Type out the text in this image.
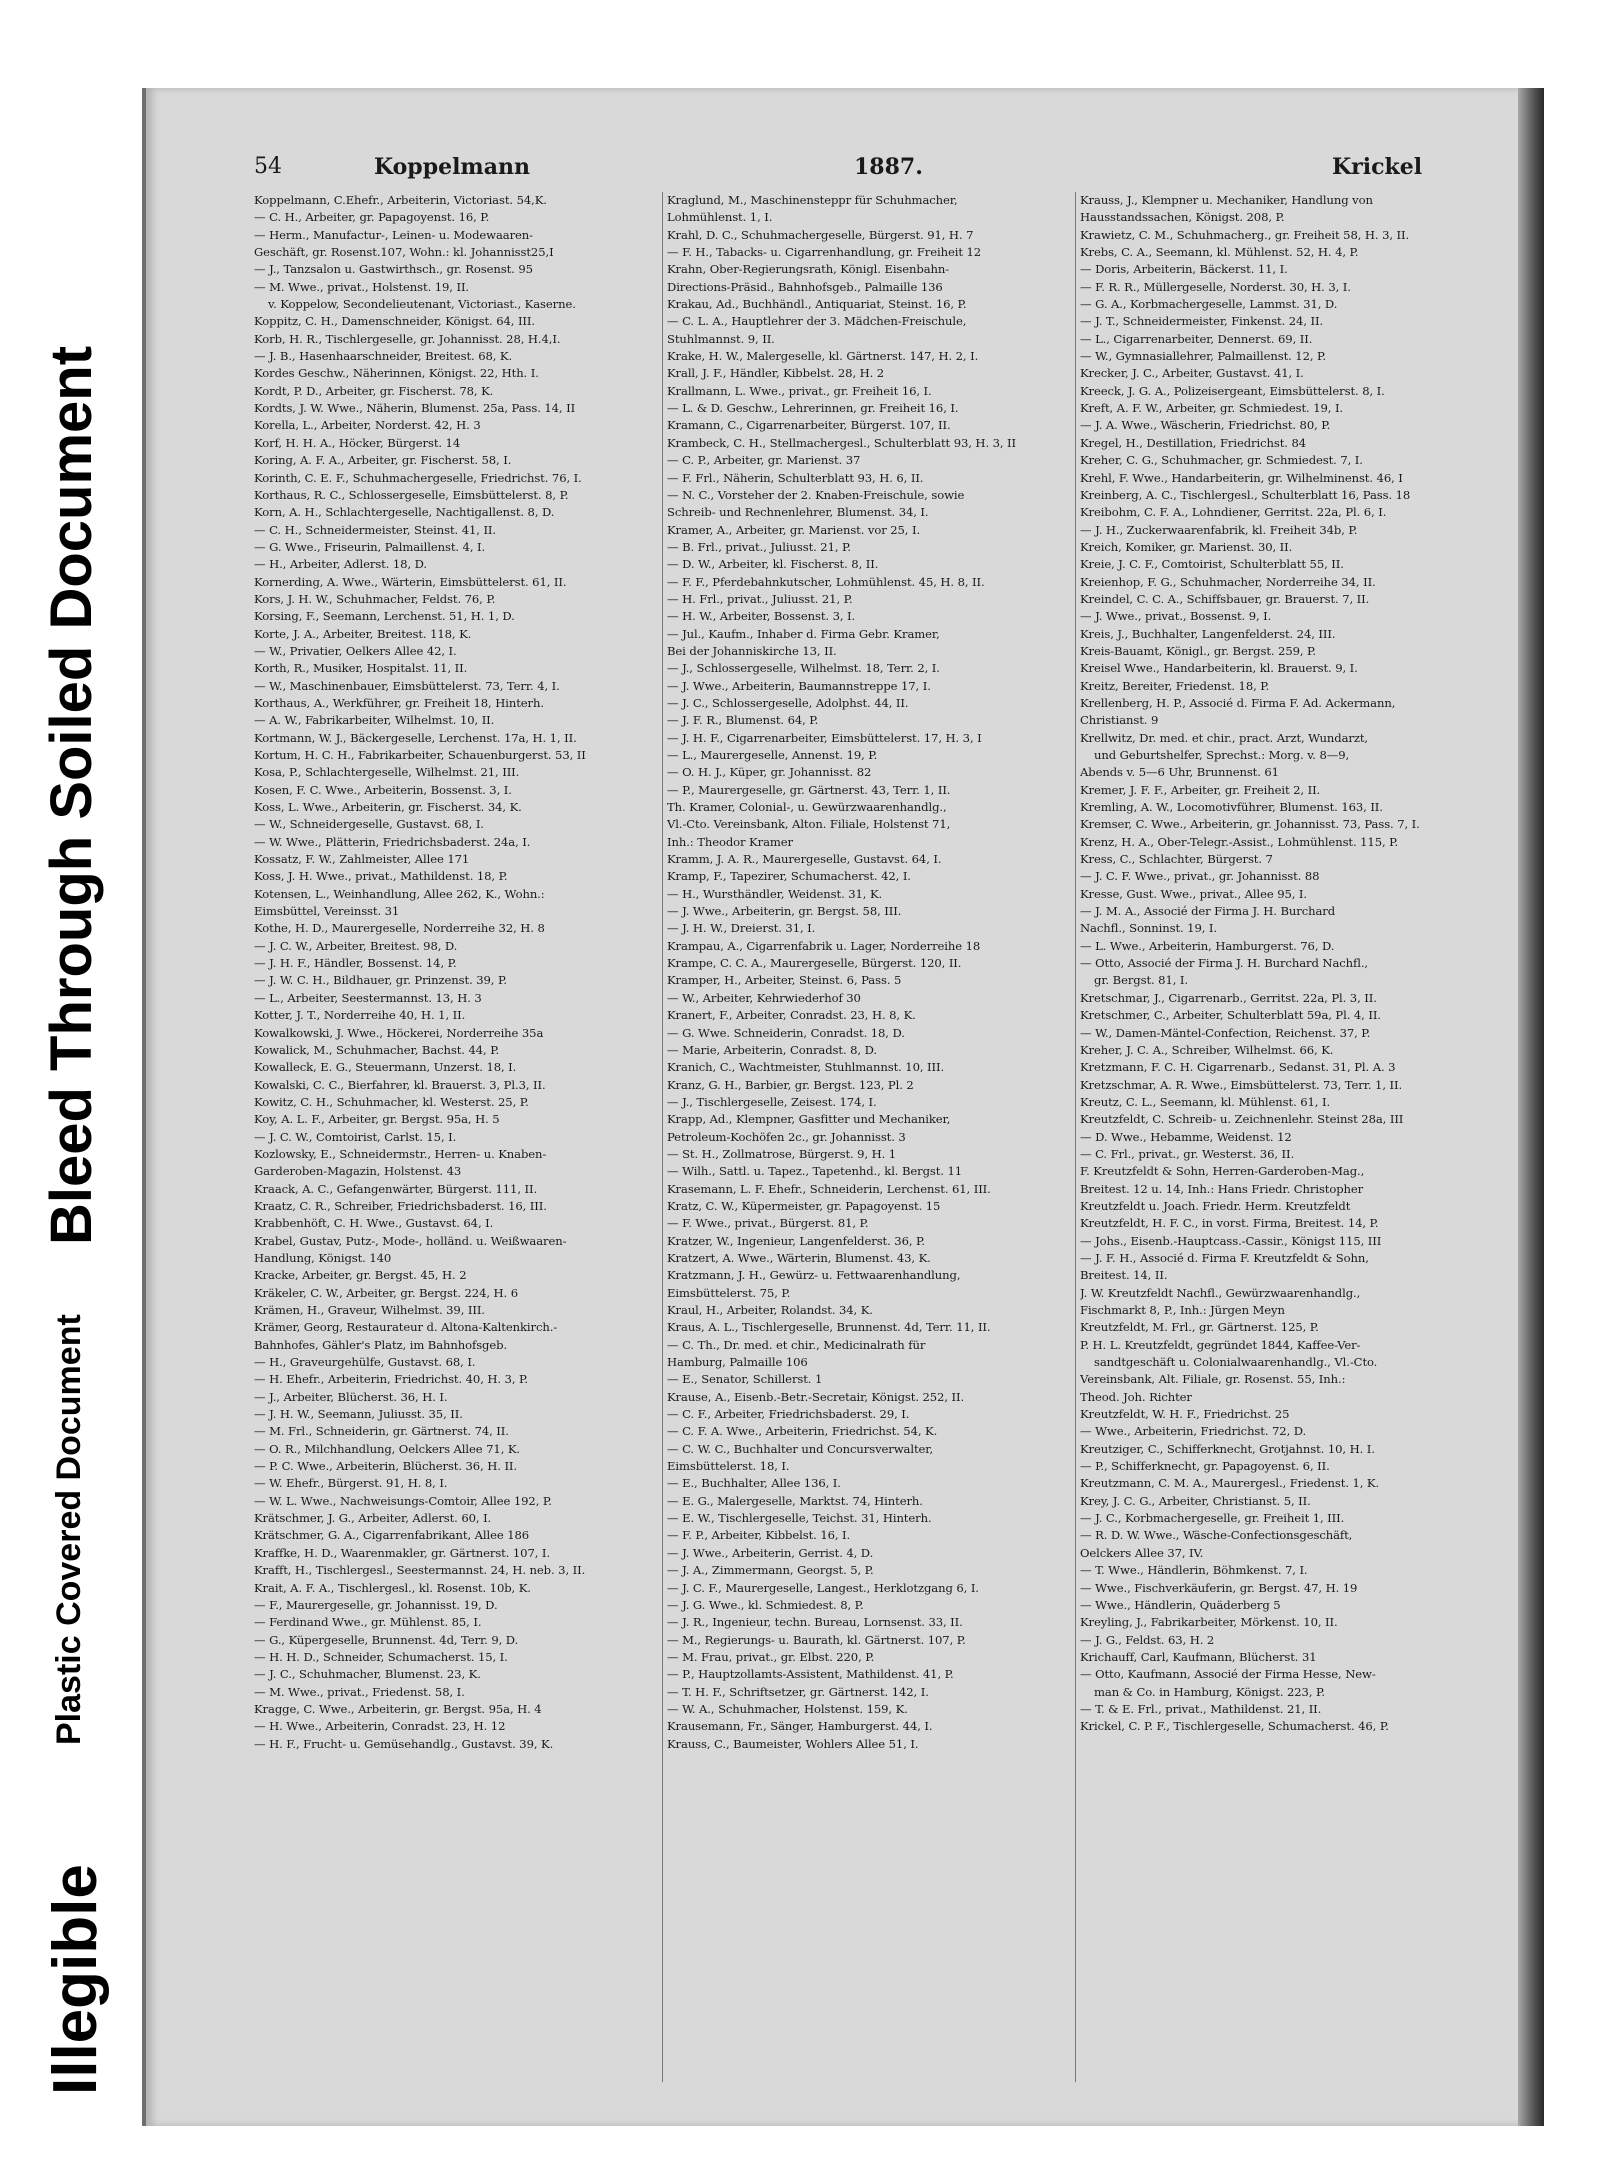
Illegible
Plastic Covered Document
Bleed Through Soiled Document
54	Koppelmann	1887.	Krickel
Koppelmann, C.Ehefr., Arbeiterin, Victoriast. 54,K.
— C. H., Arbeiter, gr. Papagoyenst. 16, P.
— Herm., Manufactur-, Leinen- u. Modewaaren-
Geschäft, gr. Rosenst.107, Wohn.: kl. Johannisst25,I
— J., Tanzsalon u. Gastwirthsch., gr. Rosenst. 95
— M. Wwe., privat., Holstenst. 19, II.
v. Koppelow, Secondelieutenant, Victoriast., Kaserne.
Koppitz, C. H., Damenschneider, Königst. 64, III.
Korb, H. R., Tischlergeselle, gr. Johannisst. 28, H.4,I.
— J. B., Hasenhaarschneider, Breitest. 68, K.
Kordes Geschw., Näherinnen, Königst. 22, Hth. I.
Kordt, P. D., Arbeiter, gr. Fischerst. 78, K.
Kordts, J. W. Wwe., Näherin, Blumenst. 25a, Pass. 14, II
Korella, L., Arbeiter, Norderst. 42, H. 3
Korf, H. H. A., Höcker, Bürgerst. 14
Koring, A. F. A., Arbeiter, gr. Fischerst. 58, I.
Korinth, C. E. F., Schuhmachergeselle, Friedrichst. 76, I.
Korthaus, R. C., Schlossergeselle, Eimsbüttelerst. 8, P.
Korn, A. H., Schlachtergeselle, Nachtigallenst. 8, D.
— C. H., Schneidermeister, Steinst. 41, II.
— G. Wwe., Friseurin, Palmaillenst. 4, I.
— H., Arbeiter, Adlerst. 18, D.
Kornerding, A. Wwe., Wärterin, Eimsbüttelerst. 61, II.
Kors, J. H. W., Schuhmacher, Feldst. 76, P.
Korsing, F., Seemann, Lerchenst. 51, H. 1, D.
Korte, J. A., Arbeiter, Breitest. 118, K.
— W., Privatier, Oelkers Allee 42, I.
Korth, R., Musiker, Hospitalst. 11, II.
— W., Maschinenbauer, Eimsbüttelerst. 73, Terr. 4, I.
Korthaus, A., Werkführer, gr. Freiheit 18, Hinterh.
— A. W., Fabrikarbeiter, Wilhelmst. 10, II.
Kortmann, W. J., Bäckergeselle, Lerchenst. 17a, H. 1, II.
Kortum, H. C. H., Fabrikarbeiter, Schauenburgerst. 53, II
Kosa, P., Schlachtergeselle, Wilhelmst. 21, III.
Kosen, F. C. Wwe., Arbeiterin, Bossenst. 3, I.
Koss, L. Wwe., Arbeiterin, gr. Fischerst. 34, K.
— W., Schneidergeselle, Gustavst. 68, I.
— W. Wwe., Plätterin, Friedrichsbaderst. 24a, I.
Kossatz, F. W., Zahlmeister, Allee 171
Koss, J. H. Wwe., privat., Mathildenst. 18, P.
Kotensen, L., Weinhandlung, Allee 262, K., Wohn.:
Eimsbüttel, Vereinsst. 31
Kothe, H. D., Maurergeselle, Norderreihe 32, H. 8
— J. C. W., Arbeiter, Breitest. 98, D.
— J. H. F., Händler, Bossenst. 14, P.
— J. W. C. H., Bildhauer, gr. Prinzenst. 39, P.
— L., Arbeiter, Seestermannst. 13, H. 3
Kotter, J. T., Norderreihe 40, H. 1, II.
Kowalkowski, J. Wwe., Höckerei, Norderreihe 35a
Kowalick, M., Schuhmacher, Bachst. 44, P.
Kowalleck, E. G., Steuermann, Unzerst. 18, I.
Kowalski, C. C., Bierfahrer, kl. Brauerst. 3, Pl.3, II.
Kowitz, C. H., Schuhmacher, kl. Westerst. 25, P.
Koy, A. L. F., Arbeiter, gr. Bergst. 95a, H. 5
— J. C. W., Comtoirist, Carlst. 15, I.
Kozlowsky, E., Schneidermstr., Herren- u. Knaben-
Garderoben-Magazin, Holstenst. 43
Kraack, A. C., Gefangenwärter, Bürgerst. 111, II.
Kraatz, C. R., Schreiber, Friedrichsbaderst. 16, III.
Krabbenhöft, C. H. Wwe., Gustavst. 64, I.
Krabel, Gustav, Putz-, Mode-, holländ. u. Weißwaaren-
Handlung, Königst. 140
Kracke, Arbeiter, gr. Bergst. 45, H. 2
Kräkeler, C. W., Arbeiter, gr. Bergst. 224, H. 6
Krämen, H., Graveur, Wilhelmst. 39, III.
Krämer, Georg, Restaurateur d. Altona-Kaltenkirch.-
Bahnhofes, Gähler's Platz, im Bahnhofsgeb.
— H., Graveurgehülfe, Gustavst. 68, I.
— H. Ehefr., Arbeiterin, Friedrichst. 40, H. 3, P.
— J., Arbeiter, Blücherst. 36, H. I.
— J. H. W., Seemann, Juliusst. 35, II.
— M. Frl., Schneiderin, gr. Gärtnerst. 74, II.
— O. R., Milchhandlung, Oelckers Allee 71, K.
— P. C. Wwe., Arbeiterin, Blücherst. 36, H. II.
— W. Ehefr., Bürgerst. 91, H. 8, I.
— W. L. Wwe., Nachweisungs-Comtoir, Allee 192, P.
Krätschmer, J. G., Arbeiter, Adlerst. 60, I.
Krätschmer, G. A., Cigarrenfabrikant, Allee 186
Kraffke, H. D., Waarenmakler, gr. Gärtnerst. 107, I.
Krafft, H., Tischlergesl., Seestermannst. 24, H. neb. 3, II.
Krait, A. F. A., Tischlergesl., kl. Rosenst. 10b, K.
— F., Maurergeselle, gr. Johannisst. 19, D.
— Ferdinand Wwe., gr. Mühlenst. 85, I.
— G., Küpergeselle, Brunnenst. 4d, Terr. 9, D.
— H. H. D., Schneider, Schumacherst. 15, I.
— J. C., Schuhmacher, Blumenst. 23, K.
— M. Wwe., privat., Friedenst. 58, I.
Kragge, C. Wwe., Arbeiterin, gr. Bergst. 95a, H. 4
— H. Wwe., Arbeiterin, Conradst. 23, H. 12
— H. F., Frucht- u. Gemüsehandlg., Gustavst. 39, K.
Kraglund, M., Maschinensteppr für Schuhmacher,
Lohmühlenst. 1, I.
Krahl, D. C., Schuhmachergeselle, Bürgerst. 91, H. 7
— F. H., Tabacks- u. Cigarrenhandlung, gr. Freiheit 12
Krahn, Ober-Regierungsrath, Königl. Eisenbahn-
Directions-Präsid., Bahnhofsgeb., Palmaille 136
Krakau, Ad., Buchhändl., Antiquariat, Steinst. 16, P.
— C. L. A., Hauptlehrer der 3. Mädchen-Freischule,
Stuhlmannst. 9, II.
Krake, H. W., Malergeselle, kl. Gärtnerst. 147, H. 2, I.
Krall, J. F., Händler, Kibbelst. 28, H. 2
Krallmann, L. Wwe., privat., gr. Freiheit 16, I.
— L. & D. Geschw., Lehrerinnen, gr. Freiheit 16, I.
Kramann, C., Cigarrenarbeiter, Bürgerst. 107, II.
Krambeck, C. H., Stellmachergesl., Schulterblatt 93, H. 3, II
— C. P., Arbeiter, gr. Marienst. 37
— F. Frl., Näherin, Schulterblatt 93, H. 6, II.
— N. C., Vorsteher der 2. Knaben-Freischule, sowie
Schreib- und Rechnenlehrer, Blumenst. 34, I.
Kramer, A., Arbeiter, gr. Marienst. vor 25, I.
— B. Frl., privat., Juliusst. 21, P.
— D. W., Arbeiter, kl. Fischerst. 8, II.
— F. F., Pferdebahnkutscher, Lohmühlenst. 45, H. 8, II.
— H. Frl., privat., Juliusst. 21, P.
— H. W., Arbeiter, Bossenst. 3, I.
— Jul., Kaufm., Inhaber d. Firma Gebr. Kramer,
Bei der Johanniskirche 13, II.
— J., Schlossergeselle, Wilhelmst. 18, Terr. 2, I.
— J. Wwe., Arbeiterin, Baumannstreppe 17, I.
— J. C., Schlossergeselle, Adolphst. 44, II.
— J. F. R., Blumenst. 64, P.
— J. H. F., Cigarrenarbeiter, Eimsbüttelerst. 17, H. 3, I
— L., Maurergeselle, Annenst. 19, P.
— O. H. J., Küper, gr. Johannisst. 82
— P., Maurergeselle, gr. Gärtnerst. 43, Terr. 1, II.
Th. Kramer, Colonial-, u. Gewürzwaarenhandlg.,
Vl.-Cto. Vereinsbank, Alton. Filiale, Holstenst 71,
Inh.: Theodor Kramer
Kramm, J. A. R., Maurergeselle, Gustavst. 64, I.
Kramp, F., Tapezirer, Schumacherst. 42, I.
— H., Wursthändler, Weidenst. 31, K.
— J. Wwe., Arbeiterin, gr. Bergst. 58, III.
— J. H. W., Dreierst. 31, I.
Krampau, A., Cigarrenfabrik u. Lager, Norderreihe 18
Krampe, C. C. A., Maurergeselle, Bürgerst. 120, II.
Kramper, H., Arbeiter, Steinst. 6, Pass. 5
— W., Arbeiter, Kehrwiederhof 30
Kranert, F., Arbeiter, Conradst. 23, H. 8, K.
— G. Wwe. Schneiderin, Conradst. 18, D.
— Marie, Arbeiterin, Conradst. 8, D.
Kranich, C., Wachtmeister, Stuhlmannst. 10, III.
Kranz, G. H., Barbier, gr. Bergst. 123, Pl. 2
— J., Tischlergeselle, Zeisest. 174, I.
Krapp, Ad., Klempner, Gasfitter und Mechaniker,
Petroleum-Kochöfen 2c., gr. Johannisst. 3
— St. H., Zollmatrose, Bürgerst. 9, H. 1
— Wilh., Sattl. u. Tapez., Tapetenhd., kl. Bergst. 11
Krasemann, L. F. Ehefr., Schneiderin, Lerchenst. 61, III.
Kratz, C. W., Küpermeister, gr. Papagoyenst. 15
— F. Wwe., privat., Bürgerst. 81, P.
Kratzer, W., Ingenieur, Langenfelderst. 36, P.
Kratzert, A. Wwe., Wärterin, Blumenst. 43, K.
Kratzmann, J. H., Gewürz- u. Fettwaarenhandlung,
Eimsbüttelerst. 75, P.
Kraul, H., Arbeiter, Rolandst. 34, K.
Kraus, A. L., Tischlergeselle, Brunnenst. 4d, Terr. 11, II.
— C. Th., Dr. med. et chir., Medicinalrath für
Hamburg, Palmaille 106
— E., Senator, Schillerst. 1
Krause, A., Eisenb.-Betr.-Secretair, Königst. 252, II.
— C. F., Arbeiter, Friedrichsbaderst. 29, I.
— C. F. A. Wwe., Arbeiterin, Friedrichst. 54, K.
— C. W. C., Buchhalter und Concursverwalter,
Eimsbüttelerst. 18, I.
— E., Buchhalter, Allee 136, I.
— E. G., Malergeselle, Marktst. 74, Hinterh.
— E. W., Tischlergeselle, Teichst. 31, Hinterh.
— F. P., Arbeiter, Kibbelst. 16, I.
— J. Wwe., Arbeiterin, Gerrist. 4, D.
— J. A., Zimmermann, Georgst. 5, P.
— J. C. F., Maurergeselle, Langest., Herklotzgang 6, I.
— J. G. Wwe., kl. Schmiedest. 8, P.
— J. R., Ingenieur, techn. Bureau, Lornsenst. 33, II.
— M., Regierungs- u. Baurath, kl. Gärtnerst. 107, P.
— M. Frau, privat., gr. Elbst. 220, P.
— P., Hauptzollamts-Assistent, Mathildenst. 41, P.
— T. H. F., Schriftsetzer, gr. Gärtnerst. 142, I.
— W. A., Schuhmacher, Holstenst. 159, K.
Krausemann, Fr., Sänger, Hamburgerst. 44, I.
Krauss, C., Baumeister, Wohlers Allee 51, I.
Krauss, J., Klempner u. Mechaniker, Handlung von
Hausstandssachen, Königst. 208, P.
Krawietz, C. M., Schuhmacherg., gr. Freiheit 58, H. 3, II.
Krebs, C. A., Seemann, kl. Mühlenst. 52, H. 4, P.
— Doris, Arbeiterin, Bäckerst. 11, I.
— F. R. R., Müllergeselle, Norderst. 30, H. 3, I.
— G. A., Korbmachergeselle, Lammst. 31, D.
— J. T., Schneidermeister, Finkenst. 24, II.
— L., Cigarrenarbeiter, Dennerst. 69, II.
— W., Gymnasiallehrer, Palmaillenst. 12, P.
Krecker, J. C., Arbeiter, Gustavst. 41, I.
Kreeck, J. G. A., Polizeisergeant, Eimsbüttelerst. 8, I.
Kreft, A. F. W., Arbeiter, gr. Schmiedest. 19, I.
— J. A. Wwe., Wäscherin, Friedrichst. 80, P.
Kregel, H., Destillation, Friedrichst. 84
Kreher, C. G., Schuhmacher, gr. Schmiedest. 7, I.
Krehl, F. Wwe., Handarbeiterin, gr. Wilhelminenst. 46, I
Kreinberg, A. C., Tischlergesl., Schulterblatt 16, Pass. 18
Kreibohm, C. F. A., Lohndiener, Gerritst. 22a, Pl. 6, I.
— J. H., Zuckerwaarenfabrik, kl. Freiheit 34b, P.
Kreich, Komiker, gr. Marienst. 30, II.
Kreie, J. C. F., Comtoirist, Schulterblatt 55, II.
Kreienhop, F. G., Schuhmacher, Norderreihe 34, II.
Kreindel, C. C. A., Schiffsbauer, gr. Brauerst. 7, II.
— J. Wwe., privat., Bossenst. 9, I.
Kreis, J., Buchhalter, Langenfelderst. 24, III.
Kreis-Bauamt, Königl., gr. Bergst. 259, P.
Kreisel Wwe., Handarbeiterin, kl. Brauerst. 9, I.
Kreitz, Bereiter, Friedenst. 18, P.
Krellenberg, H. P., Associé d. Firma F. Ad. Ackermann,
Christianst. 9
Krellwitz, Dr. med. et chir., pract. Arzt, Wundarzt,
und Geburtshelfer, Sprechst.: Morg. v. 8—9,
Abends v. 5—6 Uhr, Brunnenst. 61
Kremer, J. F. F., Arbeiter, gr. Freiheit 2, II.
Kremling, A. W., Locomotivführer, Blumenst. 163, II.
Kremser, C. Wwe., Arbeiterin, gr. Johannisst. 73, Pass. 7, I.
Krenz, H. A., Ober-Telegr.-Assist., Lohmühlenst. 115, P.
Kress, C., Schlachter, Bürgerst. 7
— J. C. F. Wwe., privat., gr. Johannisst. 88
Kresse, Gust. Wwe., privat., Allee 95, I.
— J. M. A., Associé der Firma J. H. Burchard
Nachfl., Sonninst. 19, I.
— L. Wwe., Arbeiterin, Hamburgerst. 76, D.
— Otto, Associé der Firma J. H. Burchard Nachfl.,
gr. Bergst. 81, I.
Kretschmar, J., Cigarrenarb., Gerritst. 22a, Pl. 3, II.
Kretschmer, C., Arbeiter, Schulterblatt 59a, Pl. 4, II.
— W., Damen-Mäntel-Confection, Reichenst. 37, P.
Kreher, J. C. A., Schreiber, Wilhelmst. 66, K.
Kretzmann, F. C. H. Cigarrenarb., Sedanst. 31, Pl. A. 3
Kretzschmar, A. R. Wwe., Eimsbüttelerst. 73, Terr. 1, II.
Kreutz, C. L., Seemann, kl. Mühlenst. 61, I.
Kreutzfeldt, C. Schreib- u. Zeichnenlehr. Steinst 28a, III
— D. Wwe., Hebamme, Weidenst. 12
— C. Frl., privat., gr. Westerst. 36, II.
F. Kreutzfeldt & Sohn, Herren-Garderoben-Mag.,
Breitest. 12 u. 14, Inh.: Hans Friedr. Christopher
Kreutzfeldt u. Joach. Friedr. Herm. Kreutzfeldt
Kreutzfeldt, H. F. C., in vorst. Firma, Breitest. 14, P.
— Johs., Eisenb.-Hauptcass.-Cassir., Königst 115, III
— J. F. H., Associé d. Firma F. Kreutzfeldt & Sohn,
Breitest. 14, II.
J. W. Kreutzfeldt Nachfl., Gewürzwaarenhandlg.,
Fischmarkt 8, P., Inh.: Jürgen Meyn
Kreutzfeldt, M. Frl., gr. Gärtnerst. 125, P.
P. H. L. Kreutzfeldt, gegründet 1844, Kaffee-Ver-
sandtgeschäft u. Colonialwaarenhandlg., Vl.-Cto.
Vereinsbank, Alt. Filiale, gr. Rosenst. 55, Inh.:
Theod. Joh. Richter
Kreutzfeldt, W. H. F., Friedrichst. 25
— Wwe., Arbeiterin, Friedrichst. 72, D.
Kreutziger, C., Schifferknecht, Grotjahnst. 10, H. I.
— P., Schifferknecht, gr. Papagoyenst. 6, II.
Kreutzmann, C. M. A., Maurergesl., Friedenst. 1, K.
Krey, J. C. G., Arbeiter, Christianst. 5, II.
— J. C., Korbmachergeselle, gr. Freiheit 1, III.
— R. D. W. Wwe., Wäsche-Confectionsgeschäft,
Oelckers Allee 37, IV.
— T. Wwe., Händlerin, Böhmkenst. 7, I.
— Wwe., Fischverkäuferin, gr. Bergst. 47, H. 19
— Wwe., Händlerin, Quäderberg 5
Kreyling, J., Fabrikarbeiter, Mörkenst. 10, II.
— J. G., Feldst. 63, H. 2
Krichauff, Carl, Kaufmann, Blücherst. 31
— Otto, Kaufmann, Associé der Firma Hesse, New-
man & Co. in Hamburg, Königst. 223, P.
— T. & E. Frl., privat., Mathildenst. 21, II.
Krickel, C. P. F., Tischlergeselle, Schumacherst. 46, P.
